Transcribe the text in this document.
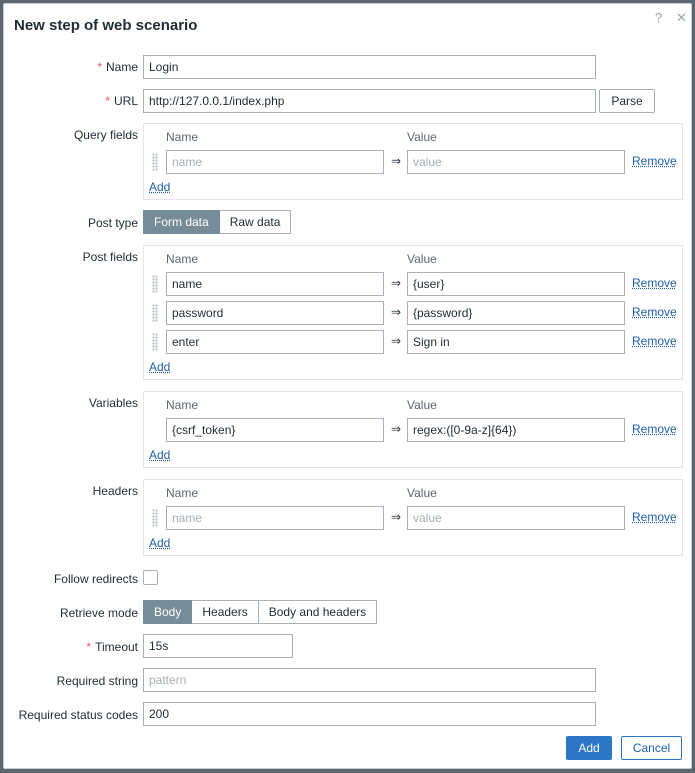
New step of web scenario	? ✕
* Name Login
* URL http://127.0.0.1/index.php	Parse
Query fields Name	Value
name	⇒ value	Remove
Add
Post type	Form data	Raw data
Post fields Name	Value
name	⇒ {user}	Remove
password	⇒ {password}	Remove
enter	⇒ Sign in	Remove
Add
Variables Name	Value
{csrf_token}	⇒ regex:([0-9a-z]{64})	Remove
Add
Headers Name	Value
name	⇒ value	Remove
Add
Follow redirects
Retrieve mode	Body	Headers	Body and headers
* Timeout 15s
Required string pattern
Required status codes 200
Add	Cancel
